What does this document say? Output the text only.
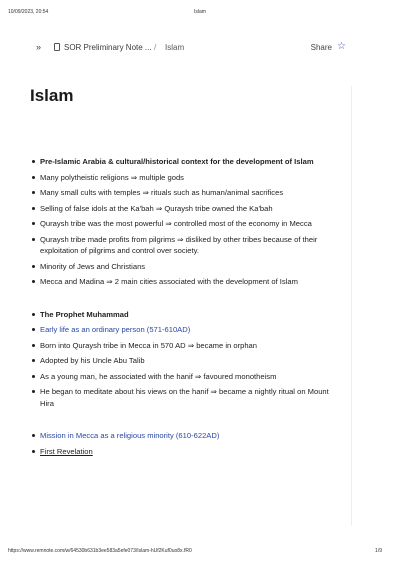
10/09/2023, 20:54	Islam
»	SOR Preliminary Note ... / Islam	Share ☆
Islam
Pre-Islamic Arabia & cultural/historical context for the development of Islam
Many polytheistic religions ⇒ multiple gods
Many small cults with temples ⇒ rituals such as human/animal sacrifices
Selling of false idols at the Ka'bah ⇒ Quraysh tribe owned the Ka'bah
Quraysh tribe was the most powerful ⇒ controlled most of the economy in Mecca
Quraysh tribe made profits from pilgrims ⇒ disliked by other tribes because of their exploitation of pilgrims and control over society.
Minority of Jews and Christians
Mecca and Madina ⇒ 2 main cities associated with the development of Islam
The Prophet Muhammad
Early life as an ordinary person (571-610AD)
Born into Quraysh tribe in Mecca in 570 AD ⇒ became in orphan
Adopted by his Uncle Abu Talib
As a young man, he associated with the hanif ⇒ favoured monotheism
He began to meditate about his views on the hanif ⇒ became a nightly ritual on Mount Hira
Mission in Mecca as a religious minority (610-622AD)
First Revelation
https://www.remnote.com/w/64530b631b3ee583a5efe073/Islam-hUf2Kuf0uo8x.fR0	1/9
